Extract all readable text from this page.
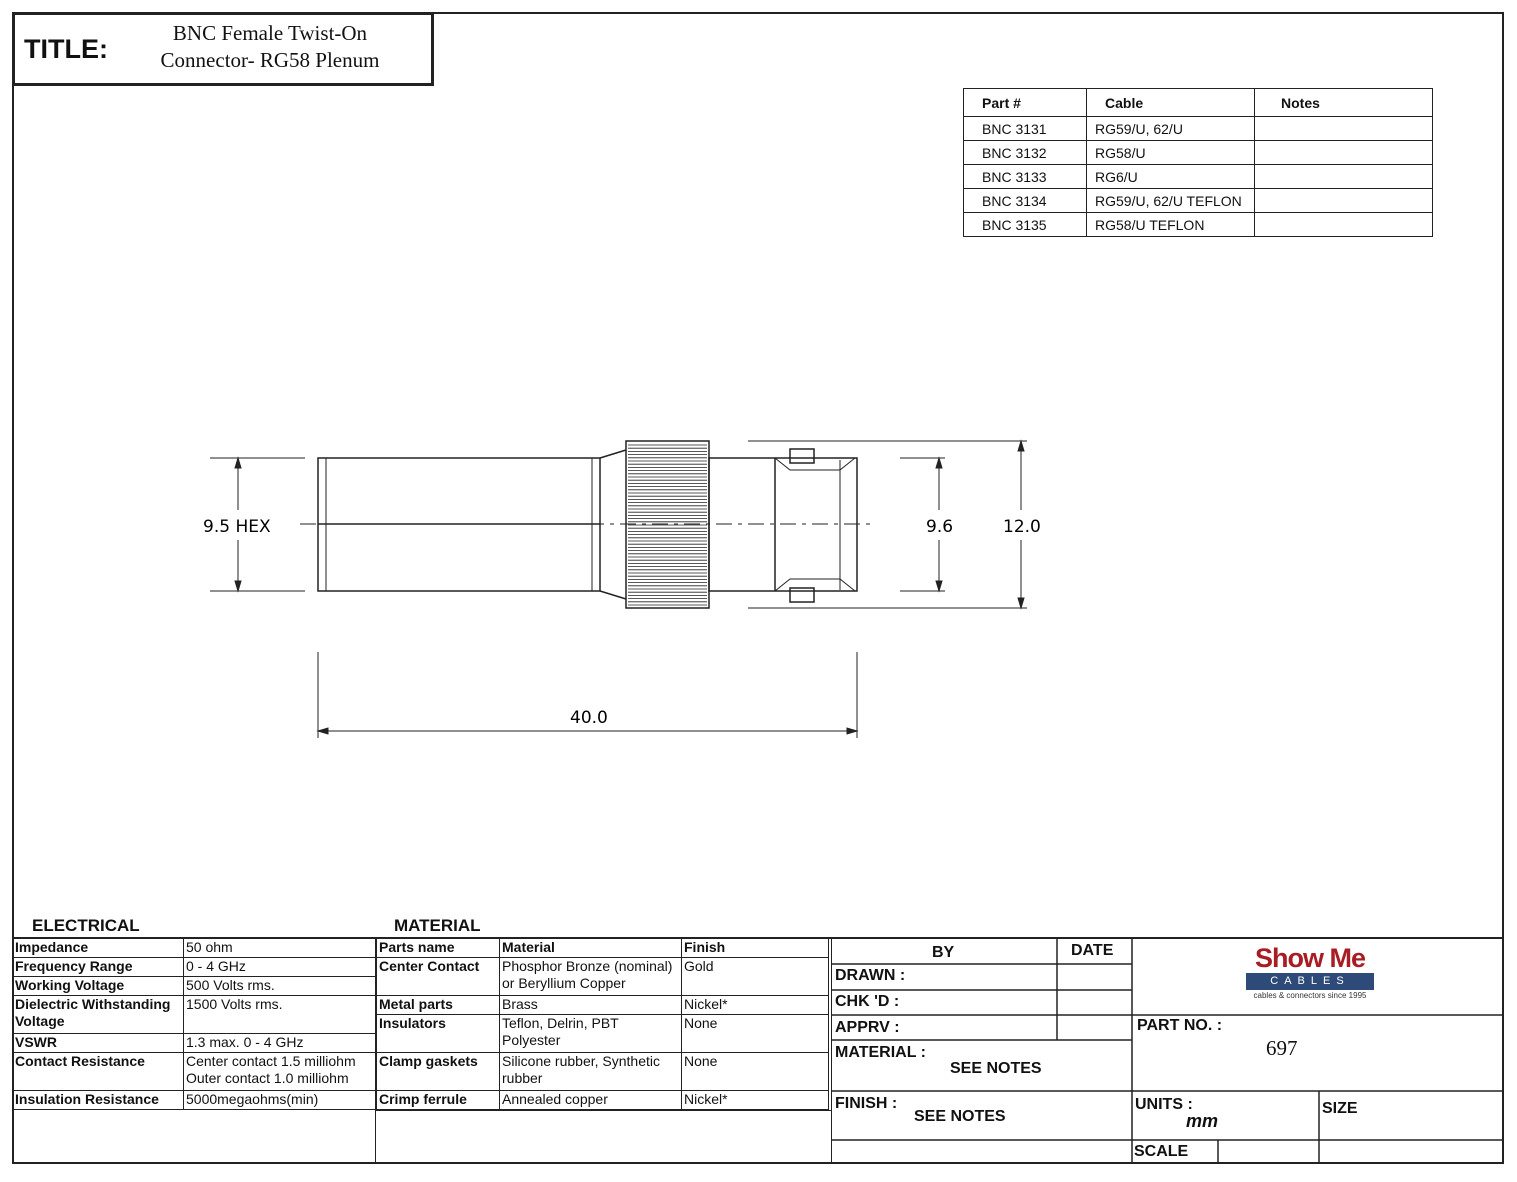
TITLE:
BNC Female Twist-On
Connector- RG58 Plenum
Part #	Cable	Notes
BNC 3131	RG59/U, 62/U	
BNC 3132	RG58/U	
BNC 3133	RG6/U	
BNC 3134	RG59/U, 62/U TEFLON	
BNC 3135	RG58/U TEFLON	
9.5 HEX	9.6	12.0
40.0
ELECTRICAL
Impedance	50 ohm
Frequency Range	0 - 4 GHz
Working Voltage	500 Volts rms.
Dielectric Withstanding Voltage	1500 Volts rms.
VSWR	1.3 max. 0 - 4 GHz
Contact Resistance	Center contact 1.5 milliohm Outer contact 1.0 milliohm
Insulation Resistance	5000megaohms(min)
MATERIAL
Parts name	Material	Finish
Center Contact	Phosphor Bronze (nominal) or Beryllium Copper	Gold
Metal parts	Brass	Nickel*
Insulators	Teflon, Delrin, PBT Polyester	None
Clamp gaskets	Silicone rubber, Synthetic rubber	None
Crimp ferrule	Annealed copper	Nickel*
BY	DATE
DRAWN :
CHK 'D :
APPRV :
MATERIAL :
SEE NOTES
FINISH :
SEE NOTES
PART NO. :
697
UNITS :
mm
SIZE
SCALE
Show Me
CABLES
cables & connectors since 1995
